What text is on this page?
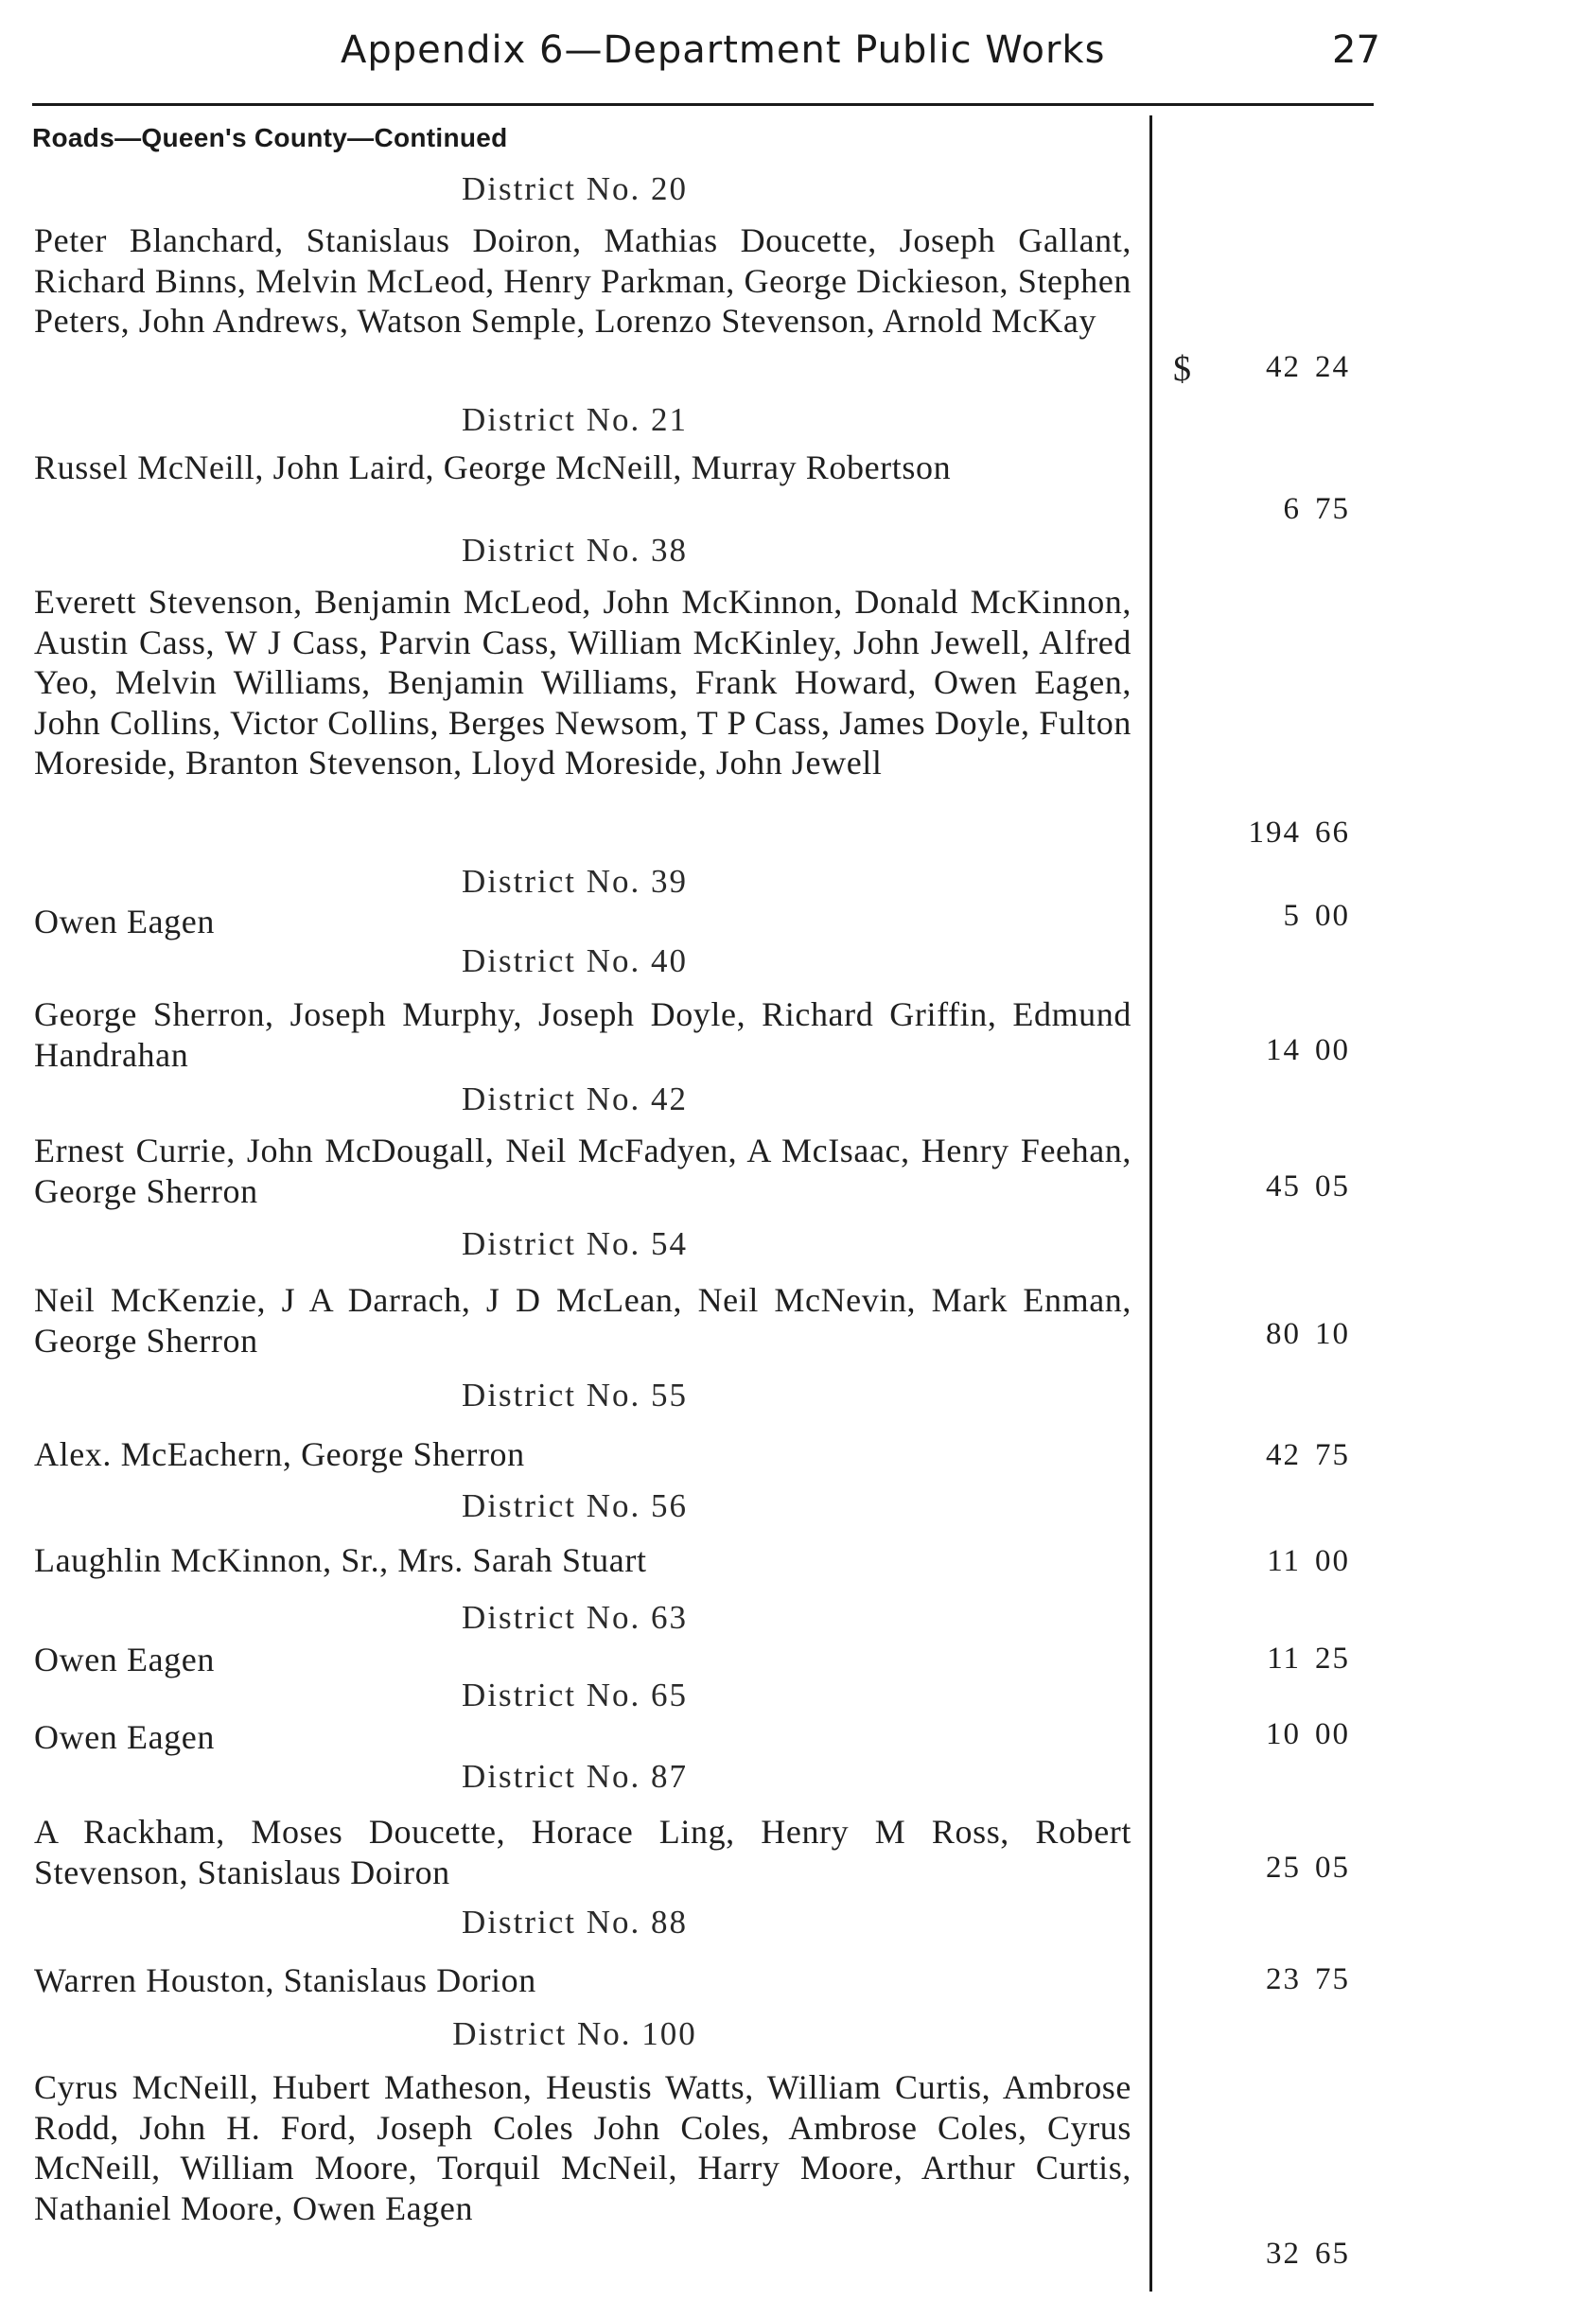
Appendix 6—Department Public Works	27
Roads—Queen's County—Continued
District No. 20
Peter Blanchard, Stanislaus Doiron, Mathias Doucette, Joseph Gallant, Richard Binns, Melvin McLeod, Henry Parkman, George Dickieson, Stephen Peters, John Andrews, Watson Semple, Lorenzo Stevenson, Arnold McKay
$ 42 24
District No. 21
Russel McNeill, John Laird, George McNeill, Murray Robertson
6 75
District No. 38
Everett Stevenson, Benjamin McLeod, John McKinnon, Donald McKinnon, Austin Cass, W J Cass, Parvin Cass, William McKinley, John Jewell, Alfred Yeo, Melvin Williams, Benjamin Williams, Frank Howard, Owen Eagen, John Collins, Victor Collins, Berges Newsom, T P Cass, James Doyle, Fulton Moreside, Branton Stevenson, Lloyd Moreside, John Jewell
194 66
District No. 39
Owen Eagen	5 00
District No. 40
George Sherron, Joseph Murphy, Joseph Doyle, Richard Griffin, Edmund Handrahan	14 00
District No. 42
Ernest Currie, John McDougall, Neil McFadyen, A McIsaac, Henry Feehan, George Sherron	45 05
District No. 54
Neil McKenzie, J A Darrach, J D McLean, Neil McNevin, Mark Enman, George Sherron	80 10
District No. 55
Alex. McEachern, George Sherron	42 75
District No. 56
Laughlin McKinnon, Sr., Mrs. Sarah Stuart	11 00
District No. 63
Owen Eagen	11 25
District No. 65
Owen Eagen	10 00
District No. 87
A Rackham, Moses Doucette, Horace Ling, Henry M Ross, Robert Stevenson, Stanislaus Doiron	25 05
District No. 88
Warren Houston, Stanislaus Dorion	23 75
District No. 100
Cyrus McNeill, Hubert Matheson, Heustis Watts, William Curtis, Ambrose Rodd, John H. Ford, Joseph Coles John Coles, Ambrose Coles, Cyrus McNeill, William Moore, Torquil McNeil, Harry Moore, Arthur Curtis, Nathaniel Moore, Owen Eagen
32 65
